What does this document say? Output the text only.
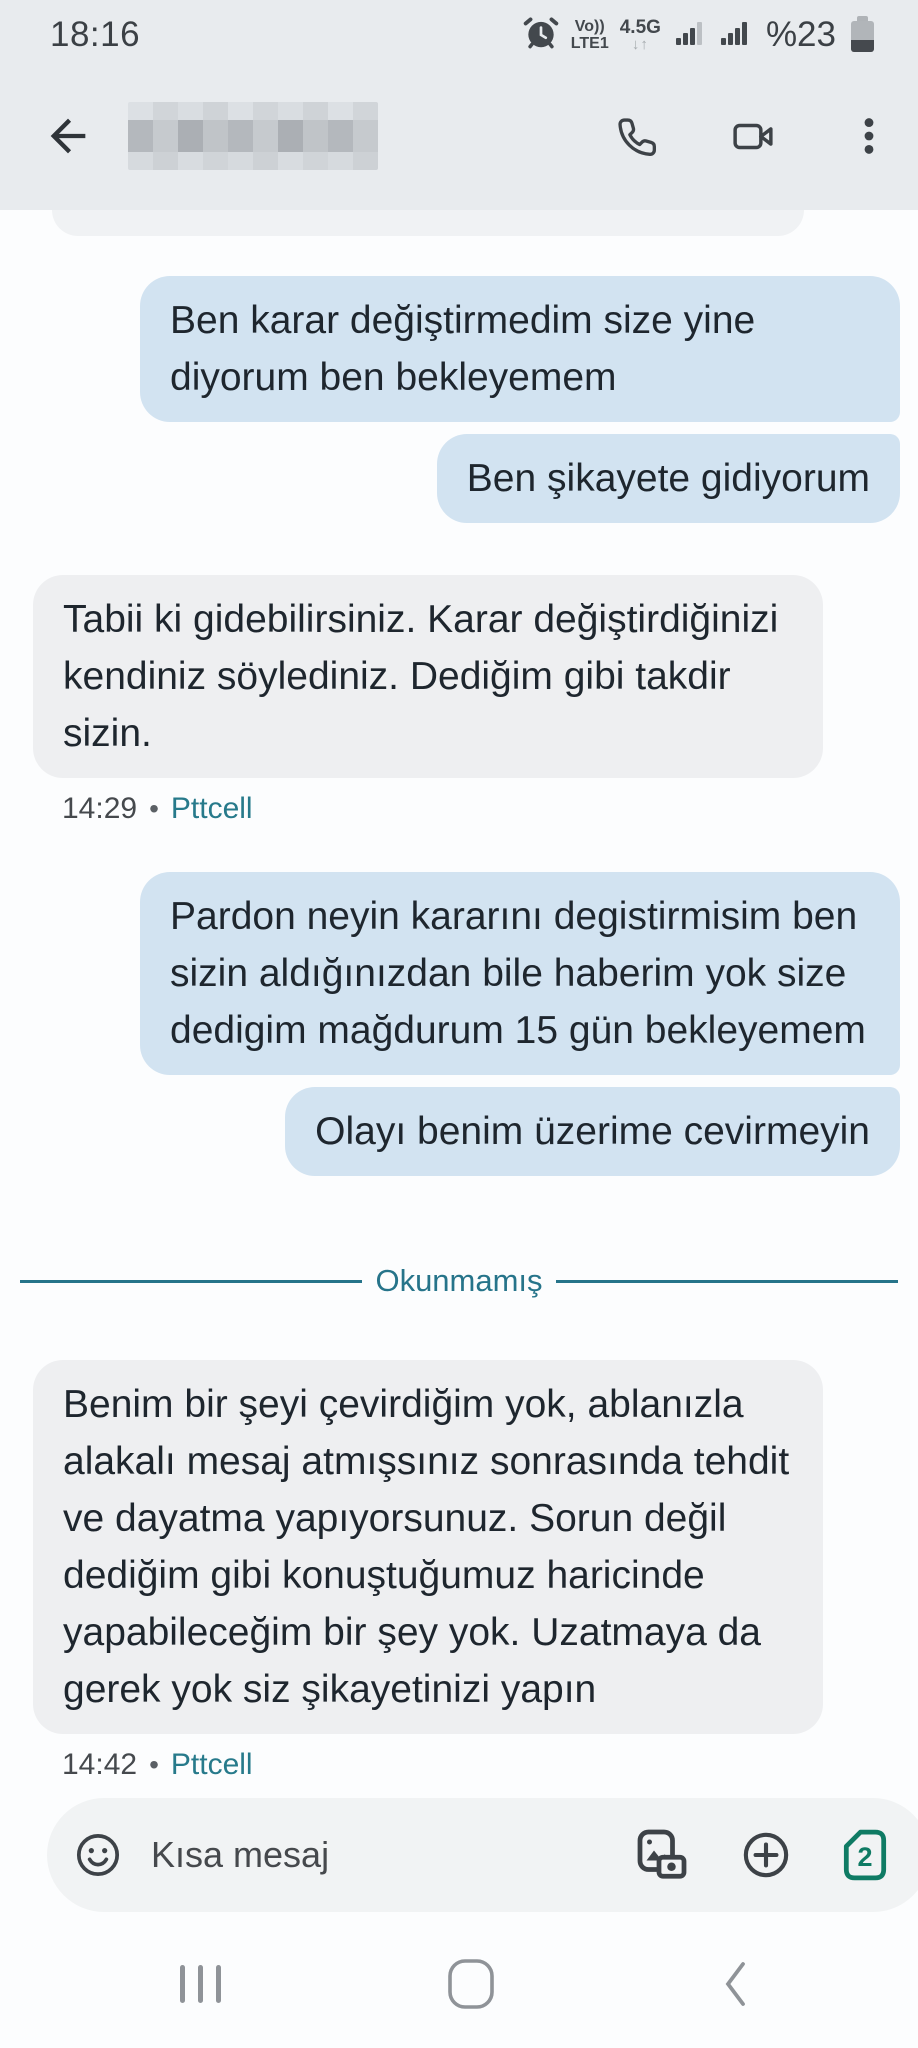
18:16	Vo))
LTE1
4.5G
↓↑	%23
Ben karar değiştirmedim size yine diyorum ben bekleyemem
Ben şikayete gidiyorum
Tabii ki gidebilirsiniz. Karar değiştirdiğinizi kendiniz söylediniz. Dediğim gibi takdir sizin.
14:29 • Pttcell
Pardon neyin kararını degistirmisim ben sizin aldığınızdan bile haberim yok size dedigim mağdurum 15 gün bekleyemem
Olayı benim üzerime cevirmeyin
Okunmamış
Benim bir şeyi çevirdiğim yok, ablanızla alakalı mesaj atmışsınız sonrasında tehdit ve dayatma yapıyorsunuz. Sorun değil dediğim gibi konuştuğumuz haricinde yapabileceğim bir şey yok. Uzatmaya da gerek yok siz şikayetinizi yapın
14:42 • Pttcell
Kısa mesaj
2
